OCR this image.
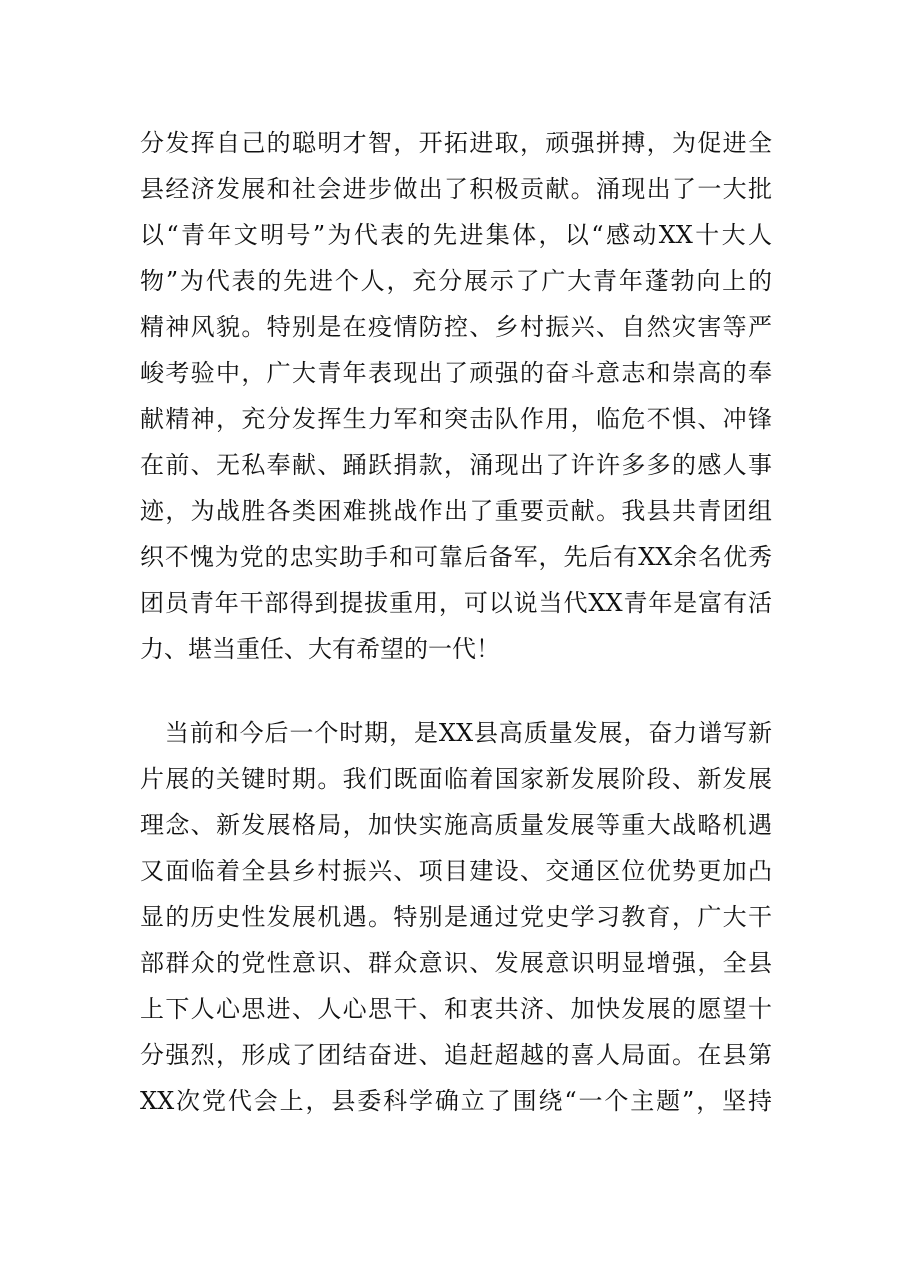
分发挥自己的聪明才智，开拓进取，顽强拼搏，为促进全
县经济发展和社会进步做出了积极贡献。涌现出了一大批
以“青年文明号”为代表的先进集体，以“感动XX十大人
物”为代表的先进个人，充分展示了广大青年蓬勃向上的
精神风貌。特别是在疫情防控、乡村振兴、自然灾害等严
峻考验中，广大青年表现出了顽强的奋斗意志和崇高的奉
献精神，充分发挥生力军和突击队作用，临危不惧、冲锋
在前、无私奉献、踊跃捐款，涌现出了许许多多的感人事
迹，为战胜各类困难挑战作出了重要贡献。我县共青团组
织不愧为党的忠实助手和可靠后备军，先后有XX余名优秀
团员青年干部得到提拔重用，可以说当代XX青年是富有活
力、堪当重任、大有希望的一代！
　当前和今后一个时期，是XX县高质量发展，奋力谱写新
片展的关键时期。我们既面临着国家新发展阶段、新发展
理念、新发展格局，加快实施高质量发展等重大战略机遇
又面临着全县乡村振兴、项目建设、交通区位优势更加凸
显的历史性发展机遇。特别是通过党史学习教育，广大干
部群众的党性意识、群众意识、发展意识明显增强，全县
上下人心思进、人心思干、和衷共济、加快发展的愿望十
分强烈，形成了团结奋进、追赶超越的喜人局面。在县第
XX次党代会上，县委科学确立了围绕“一个主题”，坚持
